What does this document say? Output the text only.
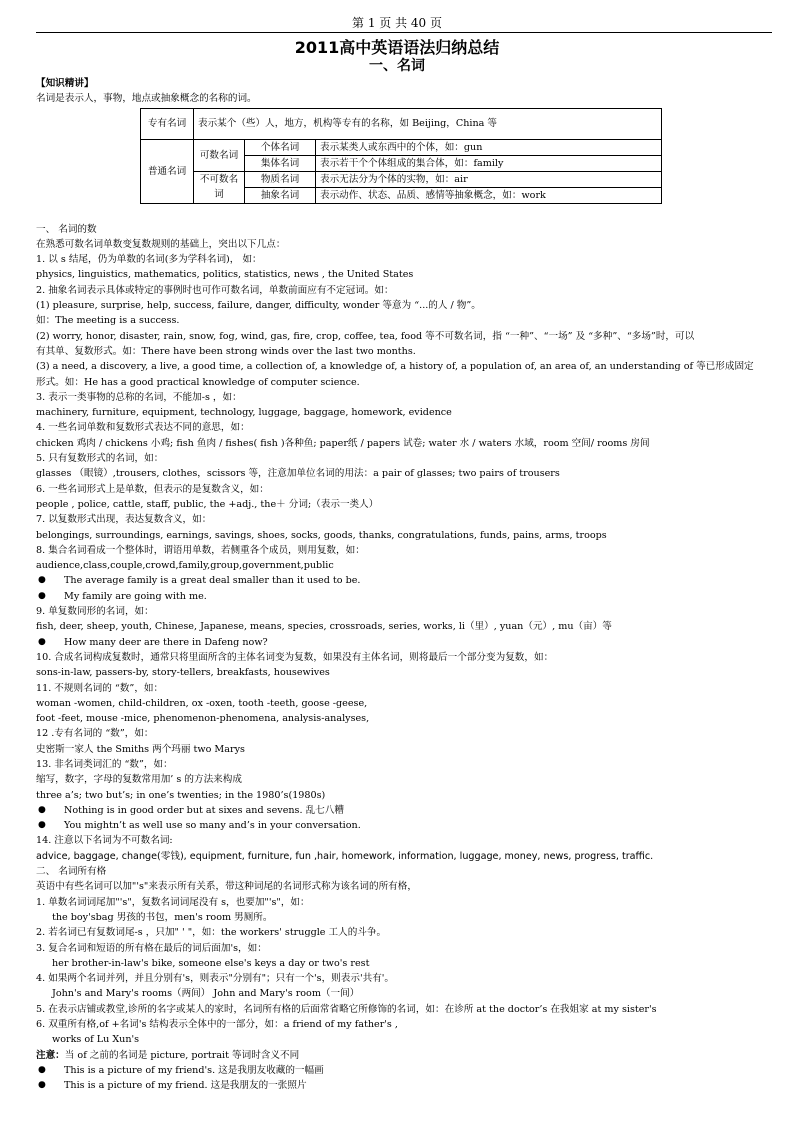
第 1 页 共 40 页
2011高中英语语法归纳总结
一、名词

【知识精讲】

名词是表示人，事物，地点或抽象概念的名称的词。

专有名词	表示某个（些）人，地方，机构等专有的名称，如 Beijing，China 等		
普通名词	可数名词	个体名词	表示某类人或东西中的个体，如：gun
		集体名词	表示若干个个体组成的集合体，如：family
	不可数名词	物质名词	表示无法分为个体的实物，如：air
		抽象名词	表示动作、状态、品质、感情等抽象概念，如：work

一、 名词的数

在熟悉可数名词单数变复数规则的基础上，突出以下几点：

1. 以 s 结尾，仍为单数的名词(多为学科名词)， 如：

physics, linguistics, mathematics, politics, statistics, news , the United States

2. 抽象名词表示具体或特定的事例时也可作可数名词，单数前面应有不定冠词。如：

(1) pleasure, surprise, help, success, failure, danger, difficulty, wonder 等意为 “...的人 / 物”。

如：The meeting is a success.

(2) worry, honor, disaster, rain, snow, fog, wind, gas, fire, crop, coffee, tea, food 等不可数名词，指 “一种”、“一场” 及 “多种”、“多场”时，可以

有其单、复数形式。如：There have been strong winds over the last two months.

(3) a need, a discovery, a live, a good time, a collection of, a knowledge of, a history of, a population of, an area of, an understanding of 等已形成固定

形式。如：He has a good practical knowledge of computer science.

3. 表示一类事物的总称的名词，不能加-s ，如：

machinery, furniture, equipment, technology, luggage, baggage, homework, evidence

4. 一些名词单数和复数形式表达不同的意思，如：

chicken 鸡肉 / chickens 小鸡; fish 鱼肉 / fishes( fish )各种鱼; paper纸 / papers 试卷; water 水 / waters 水域，room 空间/ rooms 房间

5. 只有复数形式的名词，如：

glasses （眼镜）,trousers, clothes，scissors 等，注意加单位名词的用法：a pair of glasses; two pairs of trousers

6. 一些名词形式上是单数，但表示的是复数含义，如：

people , police, cattle, staff, public, the +adj., the＋ 分词;（表示一类人）

7. 以复数形式出现，表达复数含义，如：

belongings, surroundings, earnings, savings, shoes, socks, goods, thanks, congratulations, funds, pains, arms, troops

8. 集合名词看成一个整体时，谓语用单数，若侧重各个成员，则用复数，如：

audience,class,couple,crowd,family,group,government,public

● The average family is a great deal smaller than it used to be.

● My family are going with me.

9. 单复数同形的名词，如：

fish, deer, sheep, youth, Chinese, Japanese, means, species, crossroads, series, works, li（里）, yuan（元）, mu（亩）等

● How many deer are there in Dafeng now?

10. 合成名词构成复数时，通常只将里面所含的主体名词变为复数，如果没有主体名词，则将最后一个部分变为复数，如：

sons-in-law, passers-by, story-tellers, breakfasts, housewives

11. 不规则名词的 “数”，如：

woman -women, child-children, ox -oxen, tooth -teeth, goose -geese,

foot -feet, mouse -mice, phenomenon-phenomena, analysis-analyses,

12 .专有名词的 “数”，如：

史密斯一家人 the Smiths 两个玛丽 two Marys

13. 非名词类词汇的 “数”，如：

缩写，数字，字母的复数常用加’ s 的方法来构成

three a’s; two but’s; in one’s twenties; in the 1980’s(1980s)

● Nothing is in good order but at sixes and sevens. 乱七八糟

● You mightn’t as well use so many and’s in your conversation.

14. 注意以下名词为不可数名词:

advice, baggage, change(零钱), equipment, furniture, fun ,hair, homework, information, luggage, money, news, progress, traffic.

二、 名词所有格

英语中有些名词可以加"'s"来表示所有关系，带这种词尾的名词形式称为该名词的所有格，

1. 单数名词词尾加"'s"，复数名词词尾没有 s，也要加"'s"，如：

the boy'sbag 男孩的书包，men's room 男厕所。

2. 若名词已有复数词尾-s ，只加" ' "，如：the workers' struggle 工人的斗争。

3. 复合名词和短语的所有格在最后的词后面加's，如：

her brother-in-law's bike, someone else's keys a day or two's rest

4. 如果两个名词并列，并且分别有's，则表示"分别有"；只有一个's，则表示'共有'。

John's and Mary's rooms（两间） John and Mary's room（一间）

5. 在表示店铺或教堂,诊所的名字或某人的家时，名词所有格的后面常省略它所修饰的名词，如：在诊所 at the doctor’s 在我姐家 at my sister's

6. 双重所有格,of +名词's 结构表示全体中的一部分，如：a friend of my father's ,

works of Lu Xun's

注意：当 of 之前的名词是 picture, portrait 等词时含义不同

● This is a picture of my friend's. 这是我朋友收藏的一幅画

● This is a picture of my friend. 这是我朋友的一张照片
